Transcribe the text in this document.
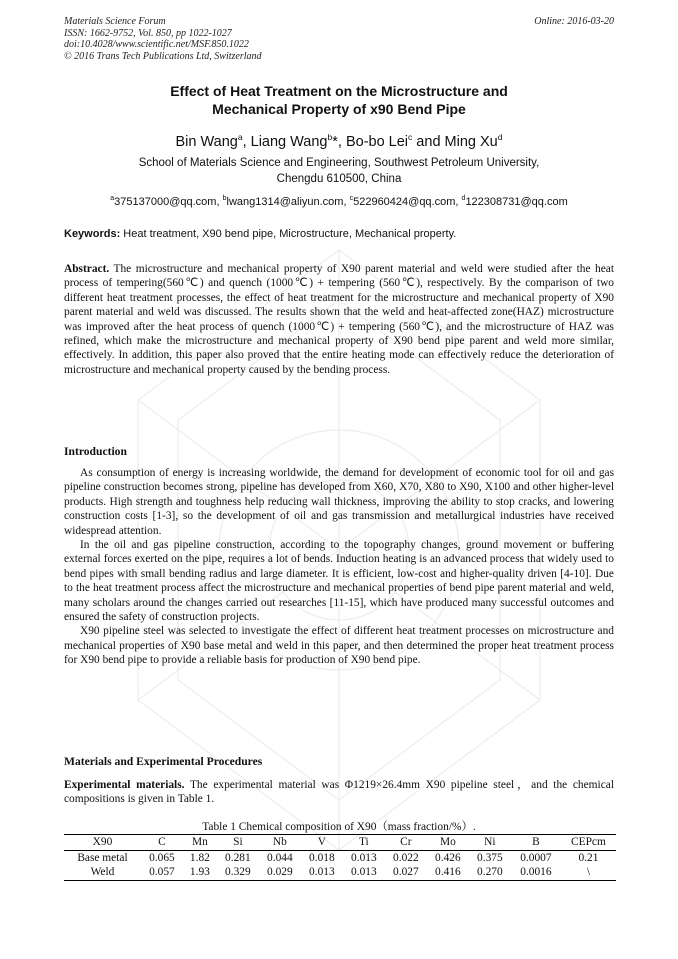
Materials Science Forum
ISSN: 1662-9752, Vol. 850, pp 1022-1027
doi:10.4028/www.scientific.net/MSF.850.1022
© 2016 Trans Tech Publications Ltd, Switzerland
Online: 2016-03-20
Effect of Heat Treatment on the Microstructure and
Mechanical Property of x90 Bend Pipe
Bin Wang$^a$, Liang Wang$^b$*, Bo-bo Lei$^c$ and Ming Xu$^d$
School of Materials Science and Engineering, Southwest Petroleum University,
Chengdu 610500, China
$^a$375137000@qq.com, $^b$lwang1314@aliyun.com, $^c$522960424@qq.com, $^d$122308731@qq.com
Keywords: Heat treatment, X90 bend pipe, Microstructure, Mechanical property.
Abstract. The microstructure and mechanical property of X90 parent material and weld were studied after the heat process of tempering(560℃) and quench (1000℃) + tempering (560℃), respectively. By the comparison of two different heat treatment processes, the effect of heat treatment for the microstructure and mechanical property of X90 parent material and weld was discussed. The results shown that the weld and heat-affected zone(HAZ) microstructure was improved after the heat process of quench (1000℃) + tempering (560℃), and the microstructure of HAZ was refined, which make the microstructure and mechanical property of X90 bend pipe parent and weld more similar, effectively. In addition, this paper also proved that the entire heating mode can effectively reduce the deterioration of microstructure and mechanical property caused by the bending process.
Introduction

As consumption of energy is increasing worldwide, the demand for development of economic tool for oil and gas pipeline construction becomes strong, pipeline has developed from X60, X70, X80 to X90, X100 and other higher-level products. High strength and toughness help reducing wall thickness, improving the ability to stop cracks, and lowering construction costs [1-3], so the development of oil and gas transmission and metallurgical industries have received widespread attention.

In the oil and gas pipeline construction, according to the topography changes, ground movement or buffering external forces exerted on the pipe, requires a lot of bends. Induction heating is an advanced process that widely used to bend pipes with small bending radius and large diameter. It is efficient, low-cost and higher-quality driven [4-10]. Due to the heat treatment process affect the microstructure and mechanical properties of bend pipe parent material and weld, many scholars around the changes carried out researches [11-15], which have produced many successful outcomes and ensured the safety of construction projects.

X90 pipeline steel was selected to investigate the effect of different heat treatment processes on microstructure and mechanical properties of X90 base metal and weld in this paper, and then determined the proper heat treatment process for X90 bend pipe to provide a reliable basis for production of X90 bend pipe.

Materials and Experimental Procedures
Experimental materials. The experimental material was Φ1219×26.4mm X90 pipeline steel，and the chemical compositions is given in Table 1.
Table 1 Chemical composition of X90（mass fraction/%）.
X90	C	Mn	Si	Nb	V	Ti	Cr	Mo	Ni	B	CEPcm
Base metal	0.065	1.82	0.281	0.044	0.018	0.013	0.022	0.426	0.375	0.0007	0.21
Weld	0.057	1.93	0.329	0.029	0.013	0.013	0.027	0.416	0.270	0.0016	\
